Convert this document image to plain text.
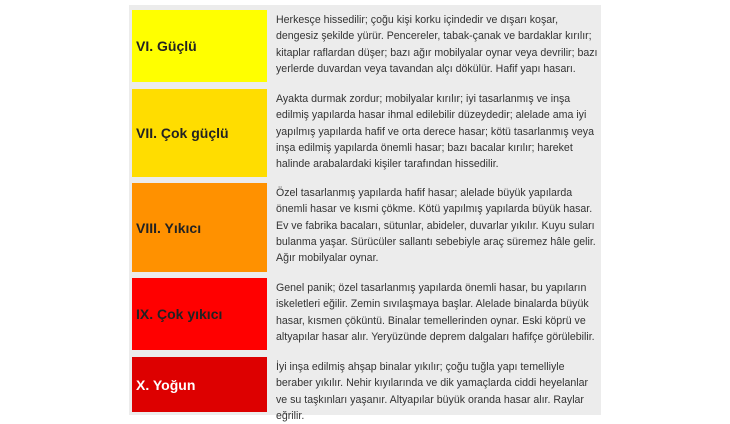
VI. Güçlü
Herkesçe hissedilir; çoğu kişi korku içindedir ve dışarı koşar, dengesiz şekilde yürür. Pencereler, tabak-çanak ve bardaklar kırılır; kitaplar raflardan düşer; bazı ağır mobilyalar oynar veya devrilir; bazı yerlerde duvardan veya tavandan alçı dökülür. Hafif yapı hasarı.
VII. Çok güçlü
Ayakta durmak zordur; mobilyalar kırılır; iyi tasarlanmış ve inşa edilmiş yapılarda hasar ihmal edilebilir düzeydedir; alelade ama iyi yapılmış yapılarda hafif ve orta derece hasar; kötü tasarlanmış veya inşa edilmiş yapılarda önemli hasar; bazı bacalar kırılır; hareket halinde arabalardaki kişiler tarafından hissedilir.
VIII. Yıkıcı
Özel tasarlanmış yapılarda hafif hasar; alelade büyük yapılarda önemli hasar ve kısmi çökme. Kötü yapılmış yapılarda büyük hasar. Ev ve fabrika bacaları, sütunlar, abideler, duvarlar yıkılır. Kuyu suları bulanma yaşar. Sürücüler sallantı sebebiyle araç süremez hâle gelir. Ağır mobilyalar oynar.
IX. Çok yıkıcı
Genel panik; özel tasarlanmış yapılarda önemli hasar, bu yapıların iskeletleri eğilir. Zemin sıvılaşmaya başlar. Alelade binalarda büyük hasar, kısmen çöküntü. Binalar temellerinden oynar. Eski köprü ve altyapılar hasar alır. Yeryüzünde deprem dalgaları hafifçe görülebilir.
X. Yoğun
İyi inşa edilmiş ahşap binalar yıkılır; çoğu tuğla yapı temelliyle beraber yıkılır. Nehir kıyılarında ve dik yamaçlarda ciddi heyelanlar ve su taşkınları yaşanır. Altyapılar büyük oranda hasar alır. Raylar eğrilir.
